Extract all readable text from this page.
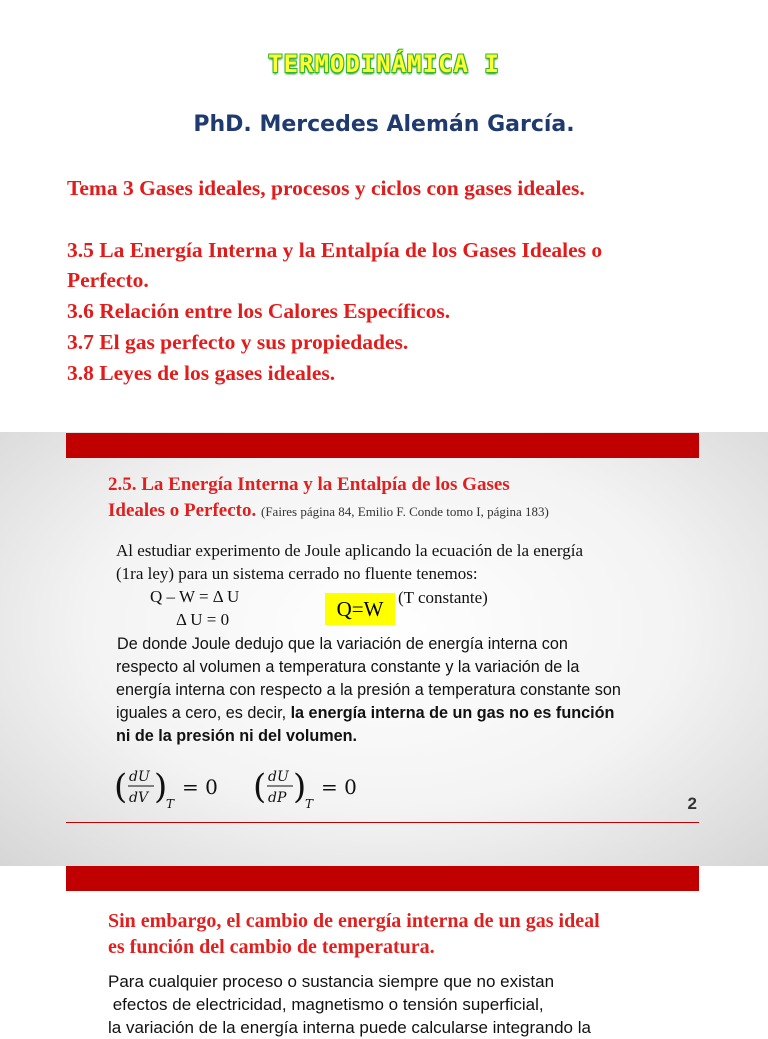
TERMODINÁMICA I
PhD. Mercedes Alemán García.
Tema 3 Gases ideales, procesos y ciclos con gases ideales.
3.5 La Energía Interna y la Entalpía de los Gases Ideales o
Perfecto.
3.6 Relación entre los Calores Específicos.
3.7 El gas perfecto y sus propiedades.
3.8 Leyes de los gases ideales.
2.5. La Energía Interna y la Entalpía de los Gases
Ideales o Perfecto. (Faires página 84, Emilio F. Conde tomo I, página 183)
Al estudiar experimento de Joule aplicando la ecuación de la energía
(1ra ley) para un sistema cerrado no fluente tenemos:
Q – W = Δ U
Δ U = 0	Q=W (T constante)
De donde Joule dedujo que la variación de energía interna con
respecto al volumen a temperatura constante y la variación de la
energía interna con respecto a la presión a temperatura constante son
iguales a cero, es decir, la energía interna de un gas no es función
ni de la presión ni del volumen.
( dU
dV )
T
= 0 ( dU
dP )
T
= 0
2
Sin embargo, el cambio de energía interna de un gas ideal
es función del cambio de temperatura.
Para cualquier proceso o sustancia siempre que no existan
efectos de electricidad, magnetismo o tensión superficial,
la variación de la energía interna puede calcularse integrando la
